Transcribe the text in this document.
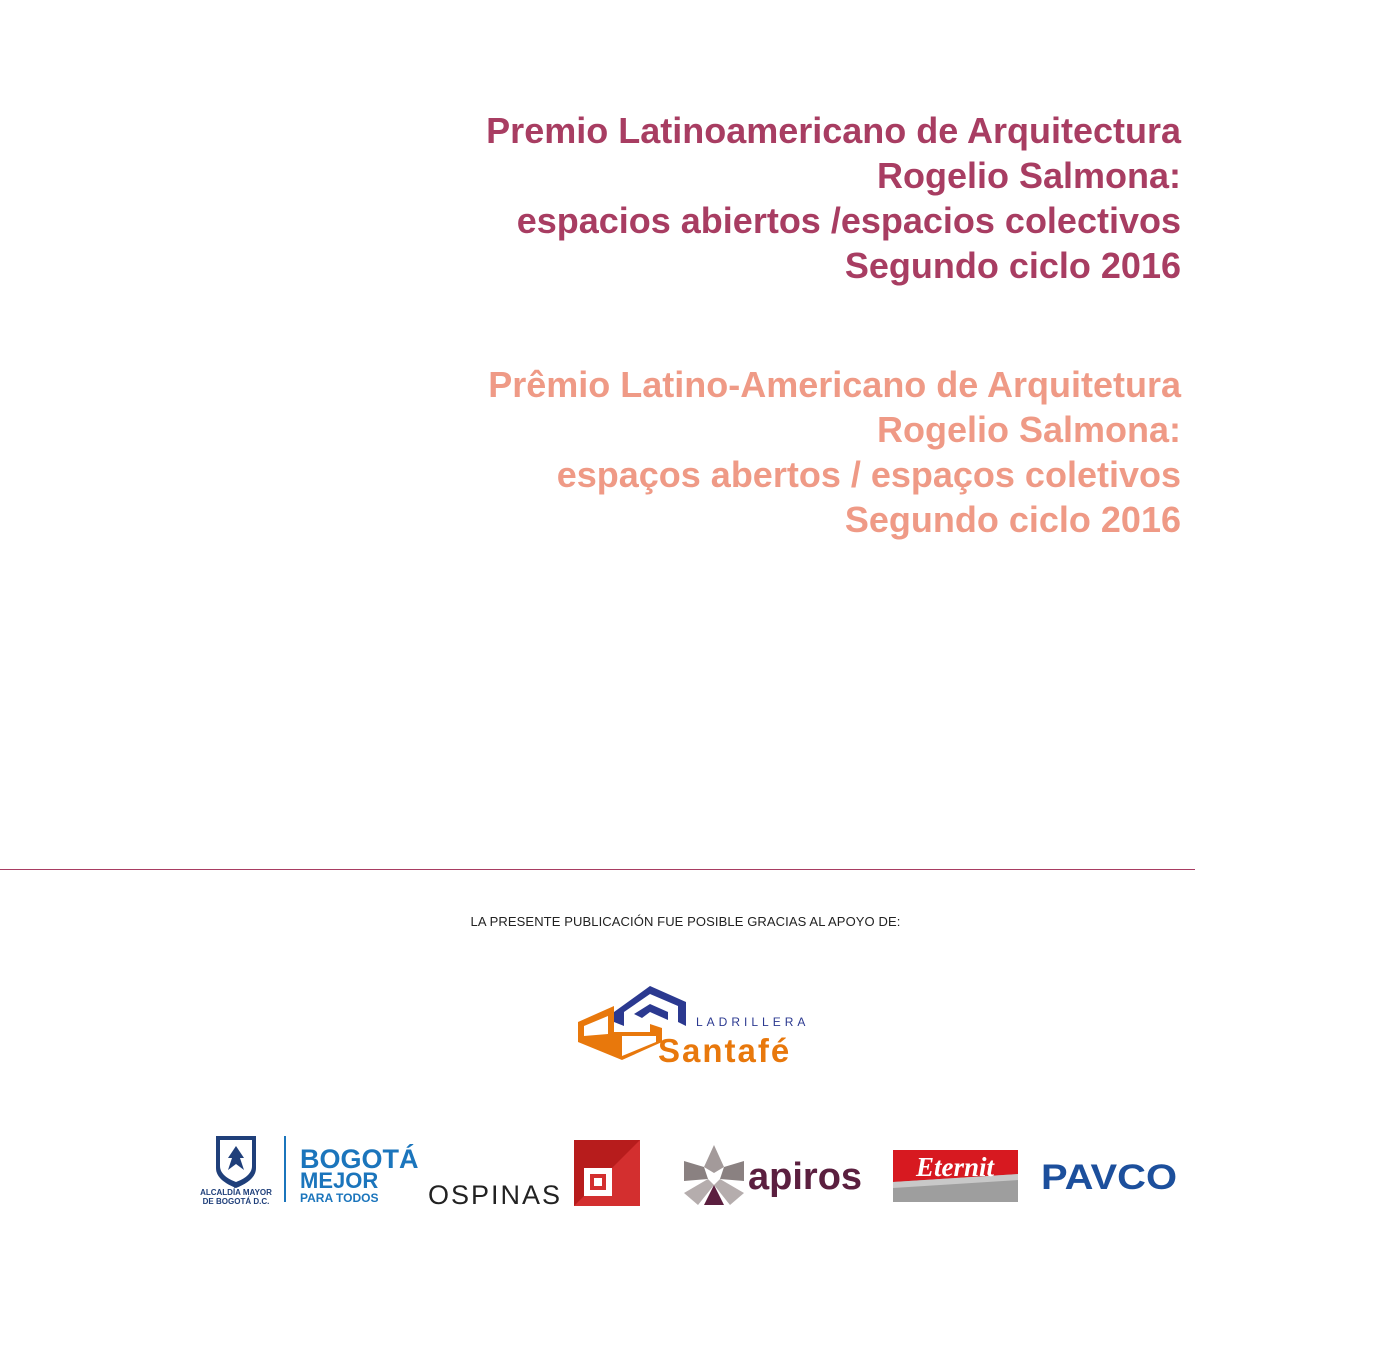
Premio Latinoamericano de Arquitectura
Rogelio Salmona:
espacios abiertos /espacios colectivos
Segundo ciclo 2016
Prêmio Latino-Americano de Arquitetura
Rogelio Salmona:
espaços abertos / espaços coletivos
Segundo ciclo 2016
LA PRESENTE PUBLICACIÓN FUE POSIBLE GRACIAS AL APOYO DE:
LADRILLERA
Santafé
ALCALDÍA MAYOR
DE BOGOTÁ D.C.
BOGOTÁ
MEJOR
PARA TODOS OSPINAS	apiros Eternit PAVCO
